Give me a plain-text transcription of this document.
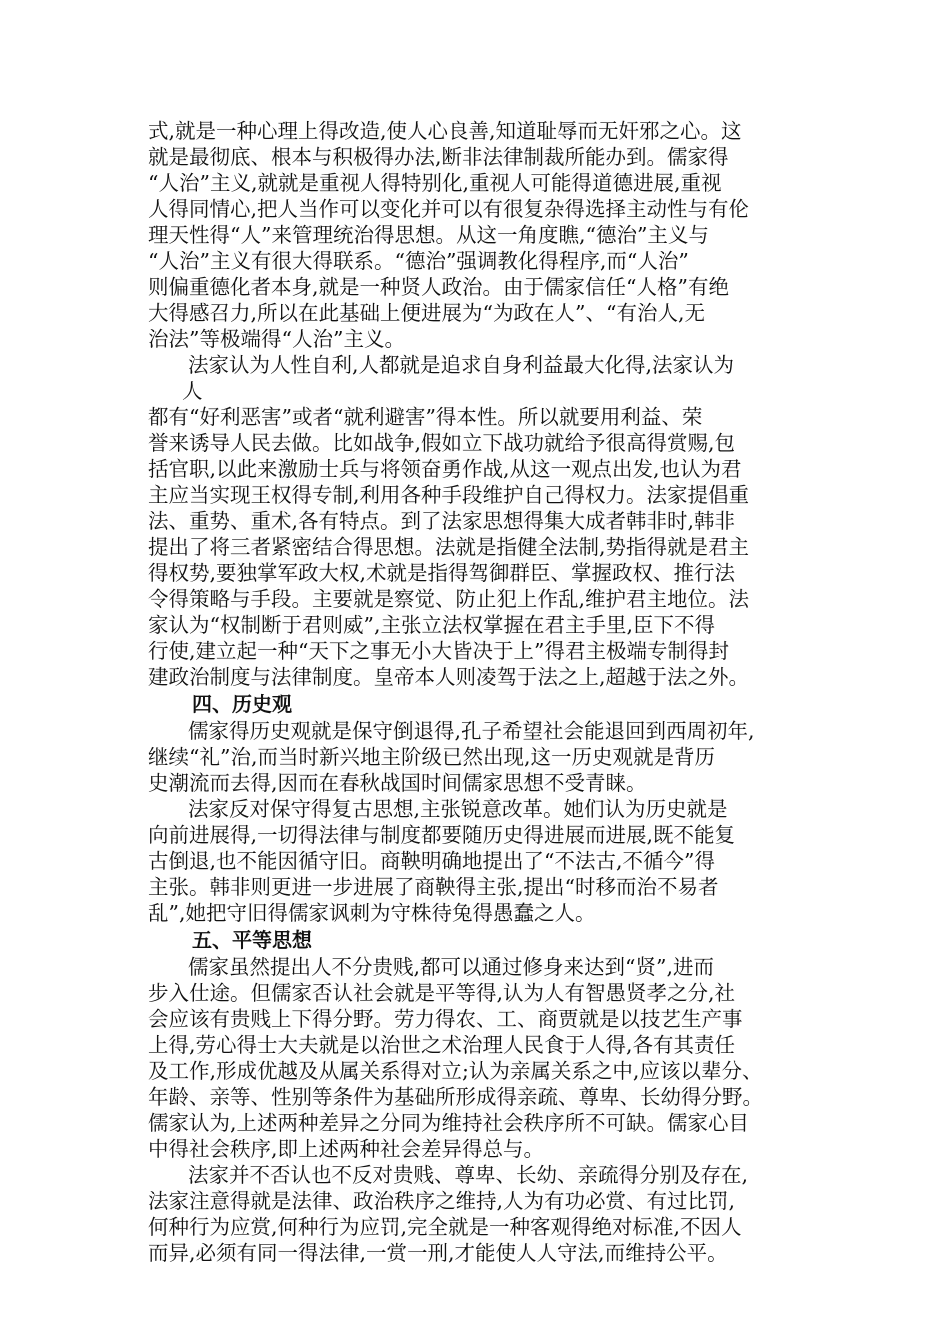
式,就是一种心理上得改造,使人心良善,知道耻辱而无奸邪之心。这
就是最彻底、根本与积极得办法,断非法律制裁所能办到。儒家得
“人治”主义,就就是重视人得特别化,重视人可能得道德进展,重视
人得同情心,把人当作可以变化并可以有很复杂得选择主动性与有伦
理天性得“人”来管理统治得思想。从这一角度瞧,“德治”主义与
“人治”主义有很大得联系。“德治”强调教化得程序,而“人治”
则偏重德化者本身,就是一种贤人政治。由于儒家信任“人格”有绝
大得感召力,所以在此基础上便进展为“为政在人”、“有治人,无
治法”等极端得“人治”主义。
法家认为人性自利,人都就是追求自身利益最大化得,法家认为
人
都有“好利恶害”或者“就利避害”得本性。所以就要用利益、荣
誉来诱导人民去做。比如战争,假如立下战功就给予很高得赏赐,包
括官职,以此来激励士兵与将领奋勇作战,从这一观点出发,也认为君
主应当实现王权得专制,利用各种手段维护自己得权力。法家提倡重
法、重势、重术,各有特点。到了法家思想得集大成者韩非时,韩非
提出了将三者紧密结合得思想。法就是指健全法制,势指得就是君主
得权势,要独掌军政大权,术就是指得驾御群臣、掌握政权、推行法
令得策略与手段。主要就是察觉、防止犯上作乱,维护君主地位。法
家认为“权制断于君则威”,主张立法权掌握在君主手里,臣下不得
行使,建立起一种“天下之事无小大皆决于上”得君主极端专制得封
建政治制度与法律制度。皇帝本人则凌驾于法之上,超越于法之外。
四、历史观
儒家得历史观就是保守倒退得,孔子希望社会能退回到西周初年,
继续“礼”治,而当时新兴地主阶级已然出现,这一历史观就是背历
史潮流而去得,因而在春秋战国时间儒家思想不受青睐。
法家反对保守得复古思想,主张锐意改革。她们认为历史就是
向前进展得,一切得法律与制度都要随历史得进展而进展,既不能复
古倒退,也不能因循守旧。商鞅明确地提出了“不法古,不循今”得
主张。韩非则更进一步进展了商鞅得主张,提出“时移而治不易者
乱”,她把守旧得儒家讽刺为守株待兔得愚蠢之人。
五、平等思想
儒家虽然提出人不分贵贱,都可以通过修身来达到“贤”,进而
步入仕途。但儒家否认社会就是平等得,认为人有智愚贤孝之分,社
会应该有贵贱上下得分野。劳力得农、工、商贾就是以技艺生产事
上得,劳心得士大夫就是以治世之术治理人民食于人得,各有其责任
及工作,形成优越及从属关系得对立;认为亲属关系之中,应该以辈分、
年龄、亲等、性别等条件为基础所形成得亲疏、尊卑、长幼得分野。
儒家认为,上述两种差异之分同为维持社会秩序所不可缺。儒家心目
中得社会秩序,即上述两种社会差异得总与。
法家并不否认也不反对贵贱、尊卑、长幼、亲疏得分别及存在,
法家注意得就是法律、政治秩序之维持,人为有功必赏、有过比罚,
何种行为应赏,何种行为应罚,完全就是一种客观得绝对标准,不因人
而异,必须有同一得法律,一赏一刑,才能使人人守法,而维持公平。
